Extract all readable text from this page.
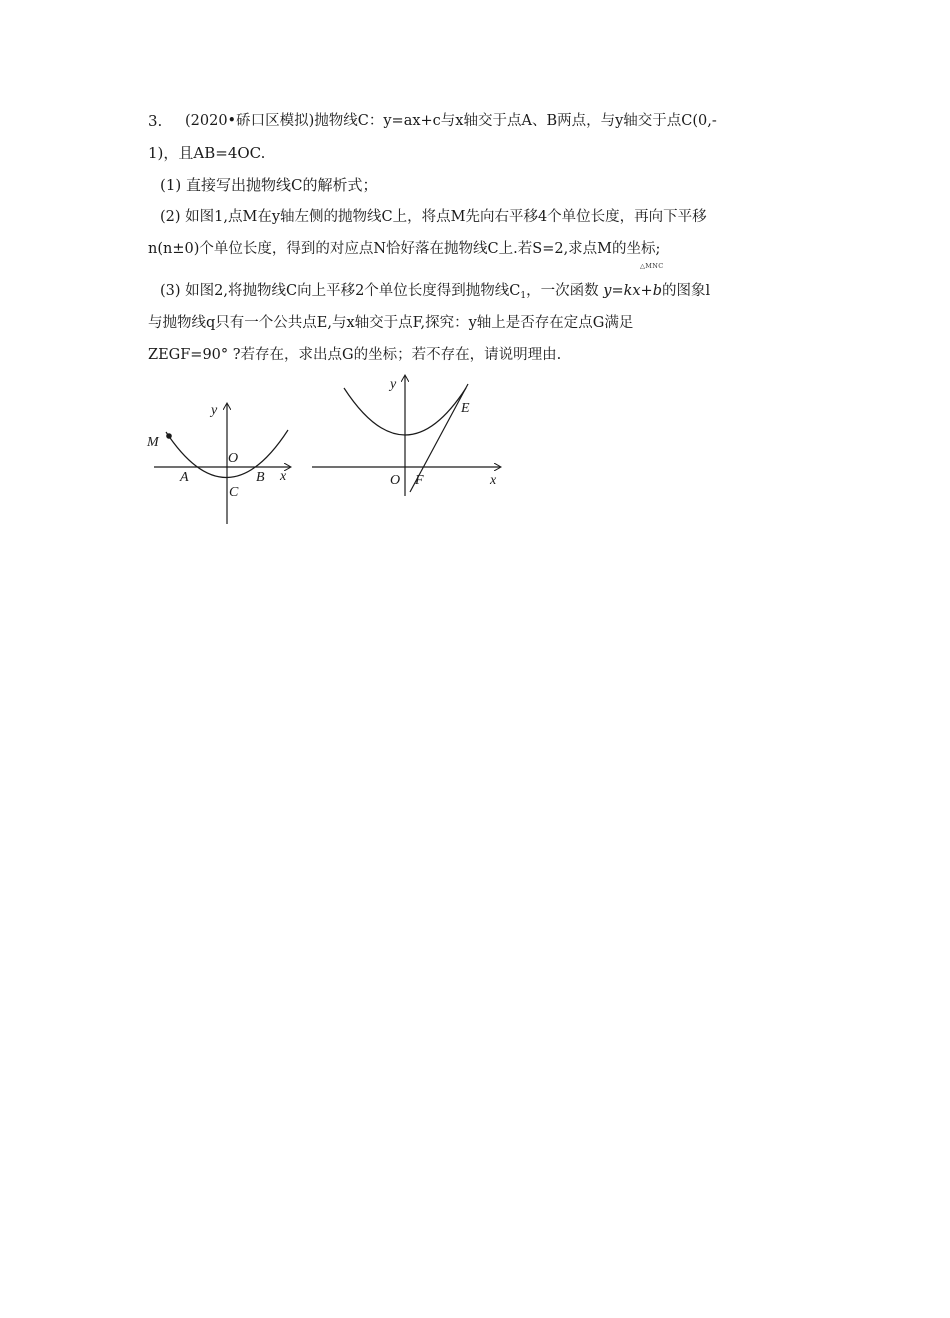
3. (2020•硚口区模拟)抛物线C：y=ax+c与x轴交于点A、B两点，与y轴交于点C(0,-
1)，且AB=4OC.
(1) 直接写出抛物线C的解析式；
(2) 如图1,点M在y轴左侧的抛物线C上，将点M先向右平移4个单位长度，再向下平移
n(n±0)个单位长度，得到的对应点N恰好落在抛物线C上.若S=2,求点M的坐标;
△MNC
(3) 如图2,将抛物线C向上平移2个单位长度得到抛物线$C_1$，一次函数 y=kx+b的图象l
与抛物线q只有一个公共点E,与x轴交于点F,探究：y轴上是否存在定点G满足
ZEGF=90° ?若存在，求出点G的坐标；若不存在，请说明理由.
y
x
O
A	B
C
M
y
x
O F
E
